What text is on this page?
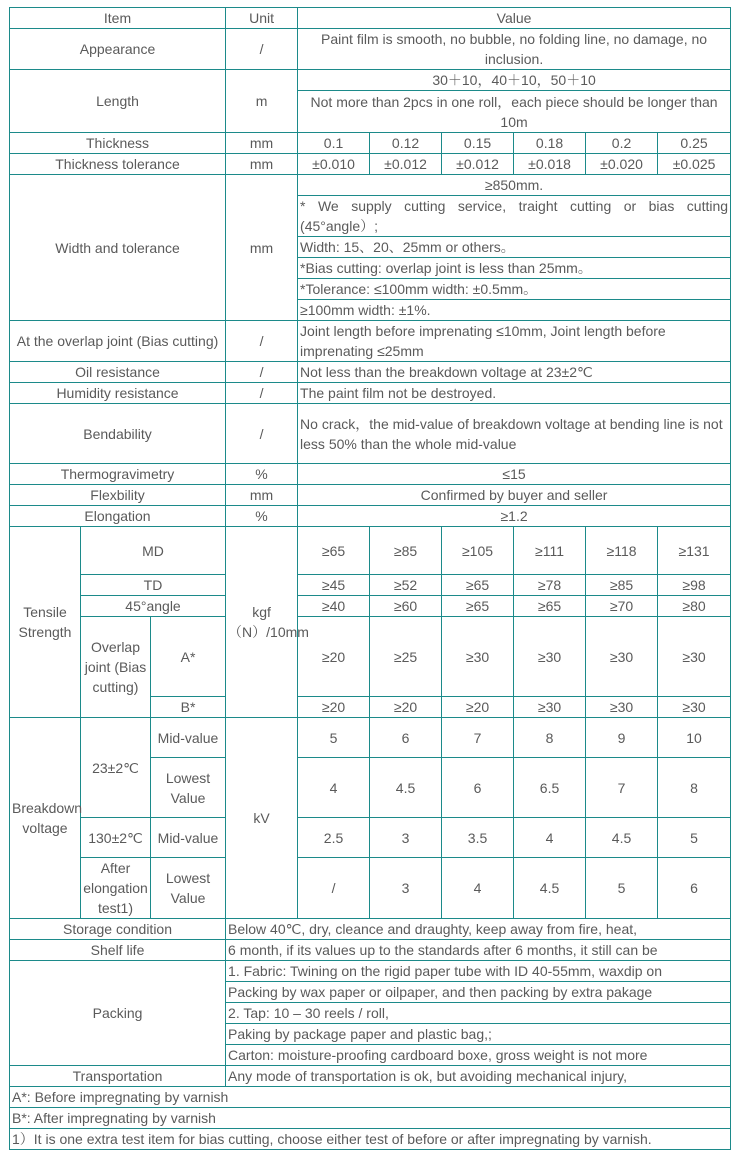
Item			Unit	Value					
Appearance			/	Paint film is smooth, no bubble, no folding line, no damage, no inclusion.					
Length			m	30＋10，40＋10，50＋10					
				Not more than 2pcs in one roll，each piece should be longer than 10m					
Thickness			mm	0.1	0.12	0.15	0.18	0.2	0.25
Thickness tolerance			mm	±0.010	±0.012	±0.012	±0.018	±0.020	±0.025
Width and tolerance			mm	≥850mm.					
				* We supply cutting service, traight cutting or bias cutting (45°angle）;					
				Width: 15、20、25mm or others。					
				*Bias cutting: overlap joint is less than 25mm。					
				*Tolerance: ≤100mm width: ±0.5mm。					
				≥100mm width: ±1%.					
At the overlap joint (Bias cutting)			/	Joint length before imprenating ≤10mm, Joint length before imprenating ≤25mm					
Oil resistance			/	Not less than the breakdown voltage at 23±2℃					
Humidity resistance			/	The paint film not be destroyed.					
Bendability			/	No crack，the mid-value of breakdown voltage at bending line is not less 50% than the whole mid-value					
Thermogravimetry			%	≤15					
Flexbility			mm	Confirmed by buyer and seller					
Elongation			%	≥1.2					
Tensile Strength	MD		kgf（N）/10mm	≥65	≥85	≥105	≥111	≥118	≥131
	TD			≥45	≥52	≥65	≥78	≥85	≥98
	45°angle			≥40	≥60	≥65	≥65	≥70	≥80
	Overlap joint (Bias cutting)	A*		≥20	≥25	≥30	≥30	≥30	≥30
		B*		≥20	≥20	≥20	≥30	≥30	≥30

Breakdown voltage	23±2℃	Mid-value	kV	5	6	7	8	9	10
		Lowest Value		4	4.5	6	6.5	7	8
	130±2℃	Mid-value		2.5	3	3.5	4	4.5	5
	After elongation test1)	Lowest Value		/	3	4	4.5	5	6
Storage condition			Below 40℃, dry, cleance and draughty, keep away from fire, heat,						
Shelf life			6 month, if its values up to the standards after 6 months, it still can be						
Packing			1. Fabric: Twining on the rigid paper tube with ID 40-55mm, waxdip on						
			Packing by wax paper or oilpaper, and then packing by extra pakage						
			2. Tap: 10 – 30 reels / roll,						
			Paking by package paper and plastic bag,;						
			Carton: moisture-proofing cardboard boxe, gross weight is not more						
Transportation			Any mode of transportation is ok, but avoiding mechanical injury,						
A*: Before impregnating by varnish									
B*: After impregnating by varnish									
1）It is one extra test item for bias cutting, choose either test of before or after impregnating by varnish.									
